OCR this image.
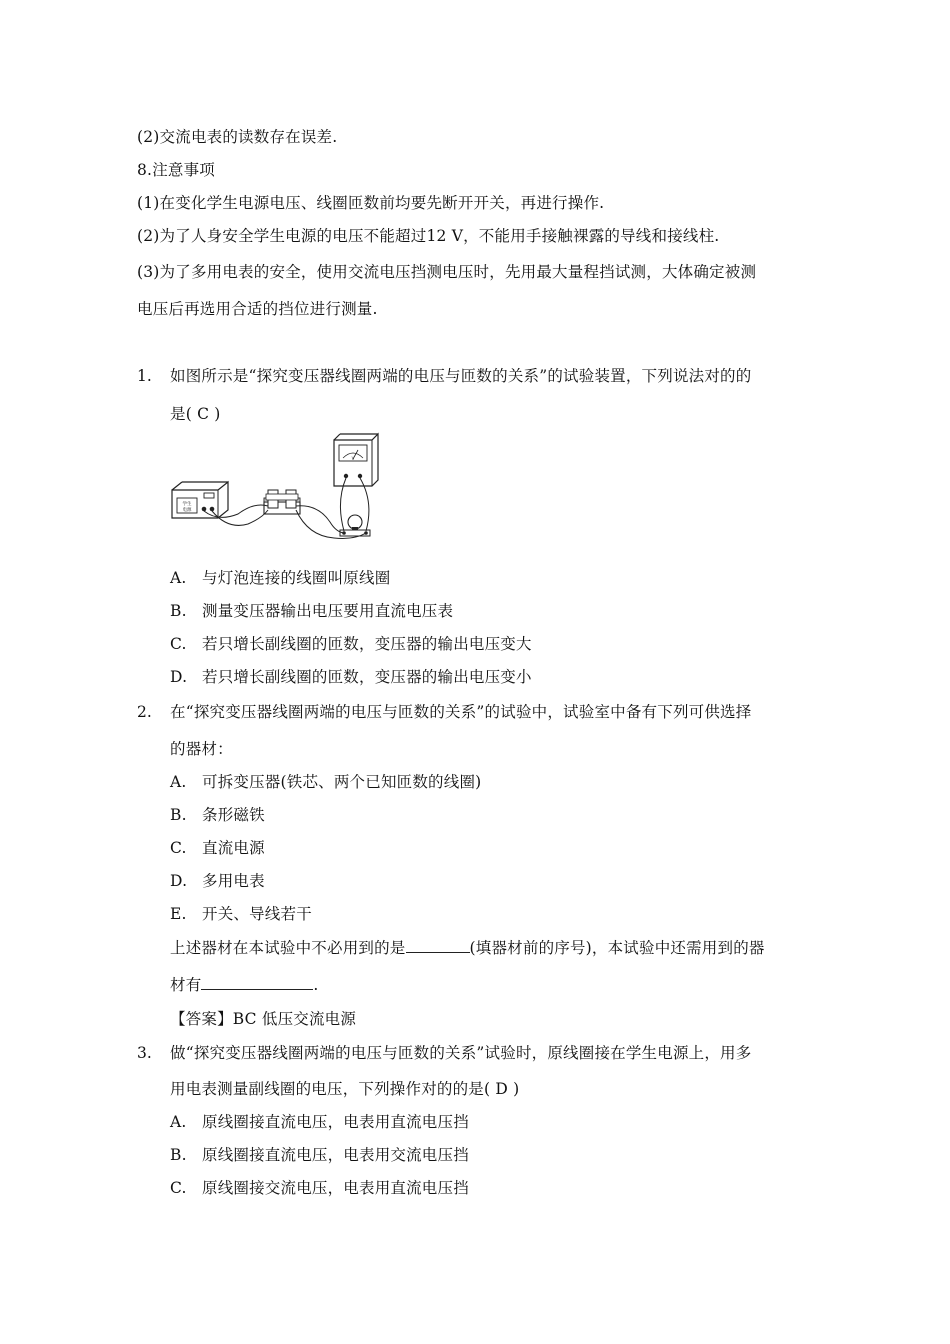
(2)交流电表的读数存在误差.
8.注意事项
(1)在变化学生电源电压、线圈匝数前均要先断开开关，再进行操作.
(2)为了人身安全学生电源的电压不能超过12 V，不能用手接触裸露的导线和接线柱.
(3)为了多用电表的安全，使用交流电压挡测电压时，先用最大量程挡试测，大体确定被测
电压后再选用合适的挡位进行测量.
1. 如图所示是“探究变压器线圈两端的电压与匝数的关系”的试验装置，下列说法对的的
是( C )
学生
电源
V
A. 与灯泡连接的线圈叫原线圈
B. 测量变压器输出电压要用直流电压表
C. 若只增长副线圈的匝数，变压器的输出电压变大
D. 若只增长副线圈的匝数，变压器的输出电压变小
2. 在“探究变压器线圈两端的电压与匝数的关系”的试验中，试验室中备有下列可供选择
的器材：
A. 可拆变压器(铁芯、两个已知匝数的线圈)
B. 条形磁铁
C. 直流电源
D. 多用电表
E. 开关、导线若干
上述器材在本试验中不必用到的是	(填器材前的序号)，本试验中还需用到的器
材有	.
【答案】BC 低压交流电源
3. 做“探究变压器线圈两端的电压与匝数的关系”试验时，原线圈接在学生电源上，用多
用电表测量副线圈的电压，下列操作对的的是( D )
A. 原线圈接直流电压，电表用直流电压挡
B. 原线圈接直流电压，电表用交流电压挡
C. 原线圈接交流电压，电表用直流电压挡
